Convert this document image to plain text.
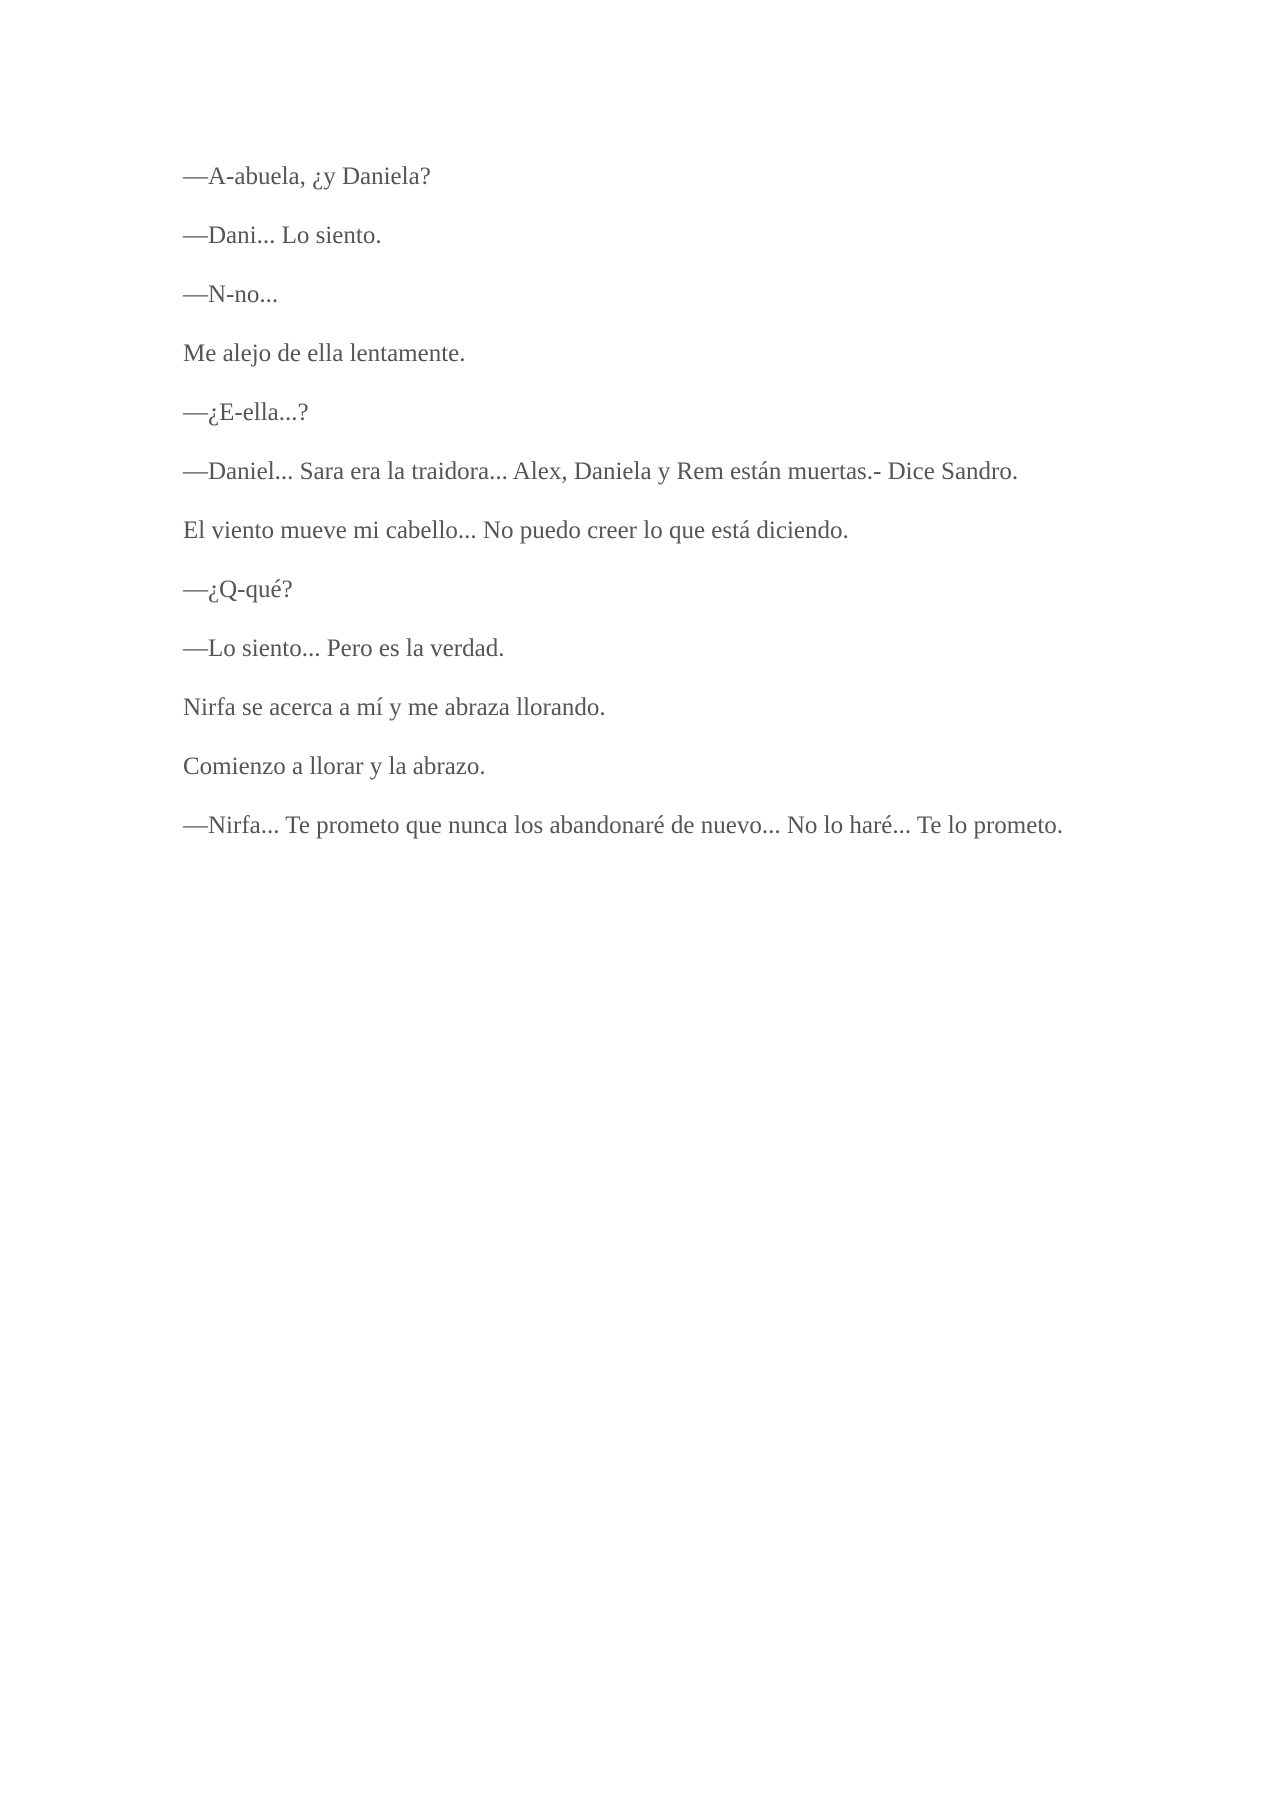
—A-abuela, ¿y Daniela?

—Dani... Lo siento.

—N-no...

Me alejo de ella lentamente.

—¿E-ella...?

—Daniel... Sara era la traidora... Alex, Daniela y Rem están muertas.- Dice Sandro.

El viento mueve mi cabello... No puedo creer lo que está diciendo.

—¿Q-qué?

—Lo siento... Pero es la verdad.

Nirfa se acerca a mí y me abraza llorando.

Comienzo a llorar y la abrazo.

—Nirfa... Te prometo que nunca los abandonaré de nuevo... No lo haré... Te lo prometo.
